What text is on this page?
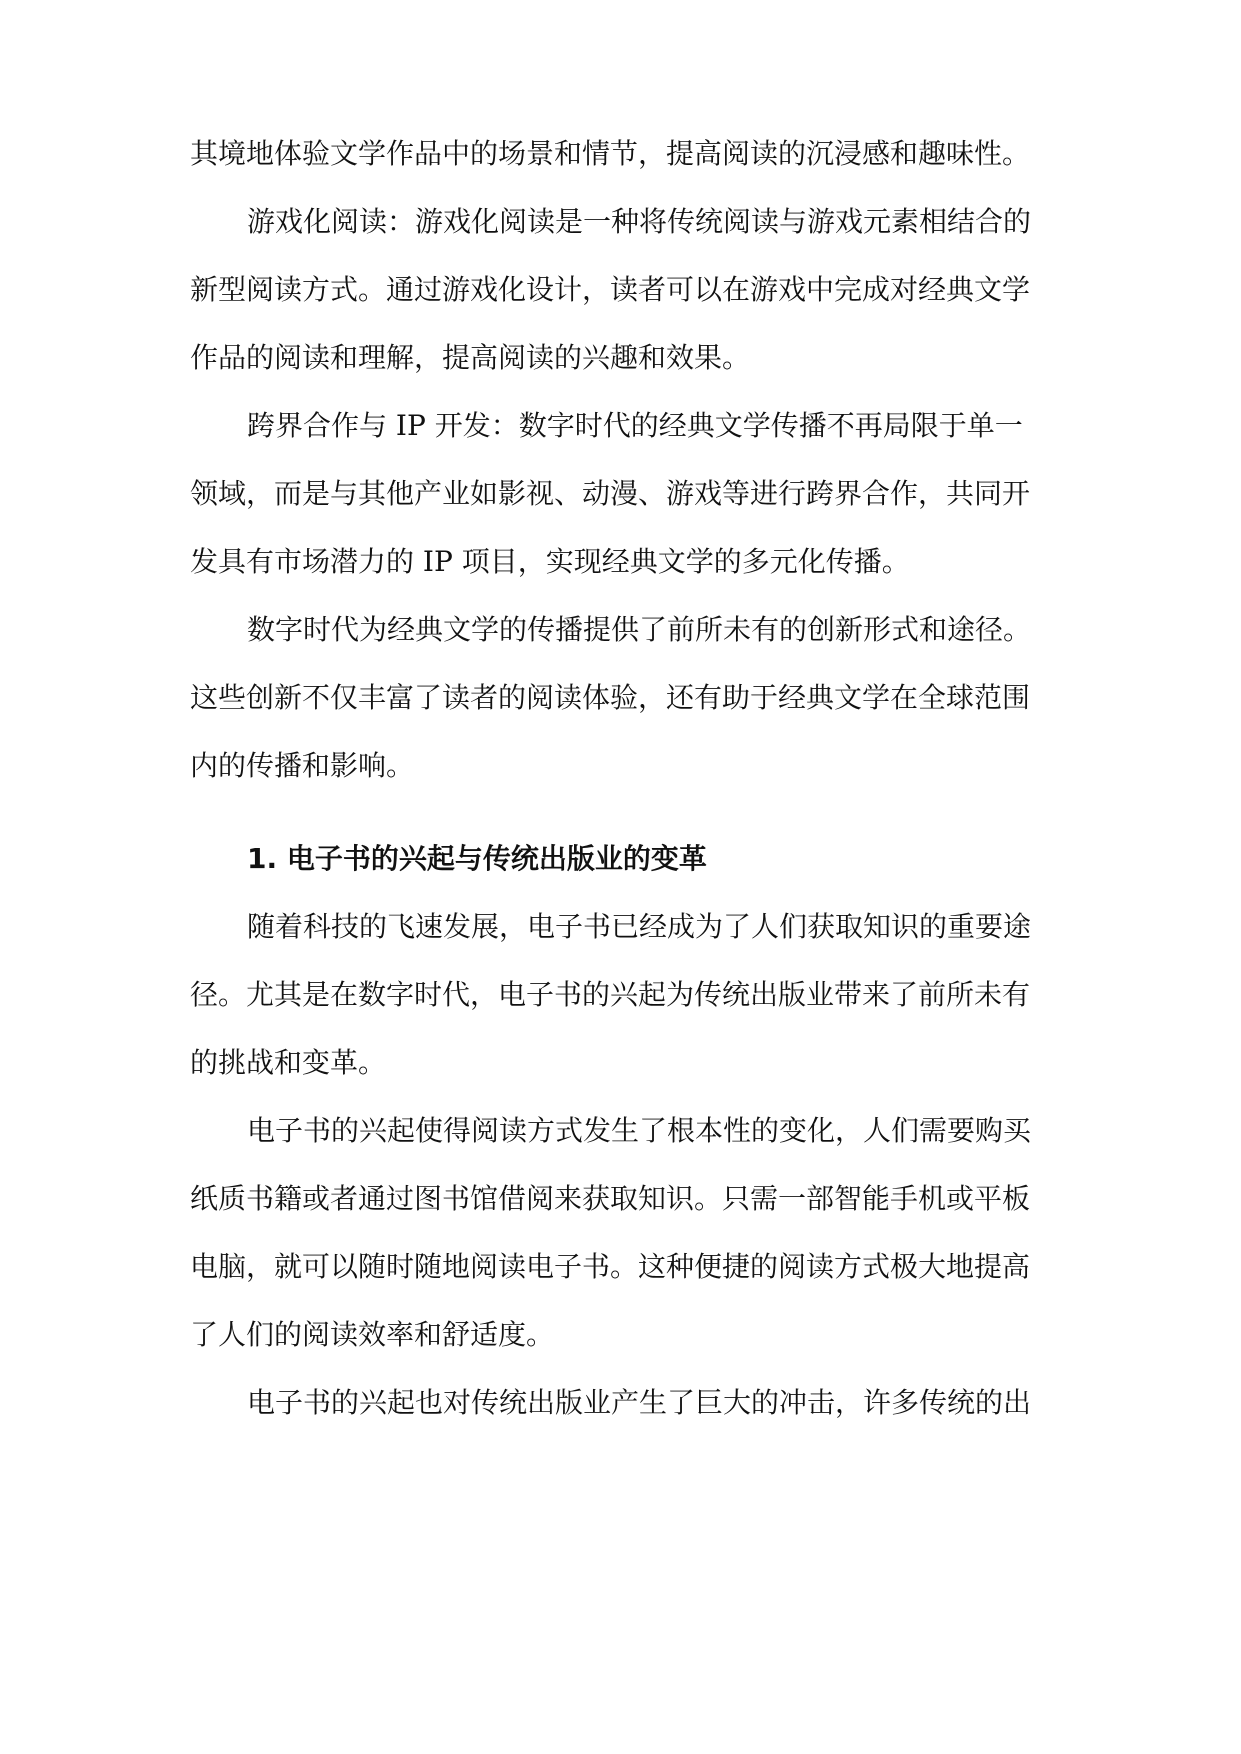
其境地体验文学作品中的场景和情节，提高阅读的沉浸感和趣味性。
游戏化阅读：游戏化阅读是一种将传统阅读与游戏元素相结合的
新型阅读方式。通过游戏化设计，读者可以在游戏中完成对经典文学
作品的阅读和理解，提高阅读的兴趣和效果。
跨界合作与 IP 开发：数字时代的经典文学传播不再局限于单一
领域，而是与其他产业如影视、动漫、游戏等进行跨界合作，共同开
发具有市场潜力的 IP 项目，实现经典文学的多元化传播。
数字时代为经典文学的传播提供了前所未有的创新形式和途径。
这些创新不仅丰富了读者的阅读体验，还有助于经典文学在全球范围
内的传播和影响。
1. 电子书的兴起与传统出版业的变革
随着科技的飞速发展，电子书已经成为了人们获取知识的重要途
径。尤其是在数字时代，电子书的兴起为传统出版业带来了前所未有
的挑战和变革。
电子书的兴起使得阅读方式发生了根本性的变化，人们需要购买
纸质书籍或者通过图书馆借阅来获取知识。只需一部智能手机或平板
电脑，就可以随时随地阅读电子书。这种便捷的阅读方式极大地提高
了人们的阅读效率和舒适度。
电子书的兴起也对传统出版业产生了巨大的冲击，许多传统的出
